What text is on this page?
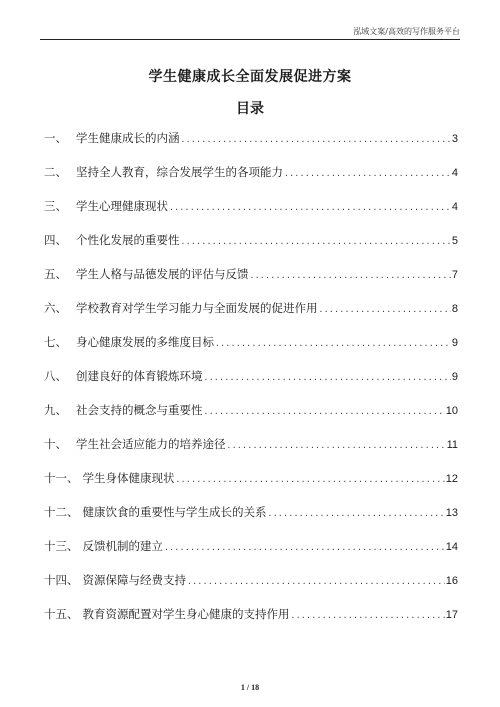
泓域文案/高效的写作服务平台
学生健康成长全面发展促进方案
目录
一、 学生健康成长的内涵 .....	3
二、 坚持全人教育，综合发展学生的各项能力 .....	4
三、 学生心理健康现状 .....	4
四、 个性化发展的重要性 .....	5
五、 学生人格与品德发展的评估与反馈 .....	7
六、 学校教育对学生学习能力与全面发展的促进作用 .....	8
七、 身心健康发展的多维度目标 .....	9
八、 创建良好的体育锻炼环境 .....	9
九、 社会支持的概念与重要性 .....	10
十、 学生社会适应能力的培养途径 .....	11
十一、 学生身体健康现状 .....	12
十二、 健康饮食的重要性与学生成长的关系 .....	13
十三、 反馈机制的建立 .....	14
十四、 资源保障与经费支持 .....	16
十五、 教育资源配置对学生身心健康的支持作用 .....	17
1 / 18
